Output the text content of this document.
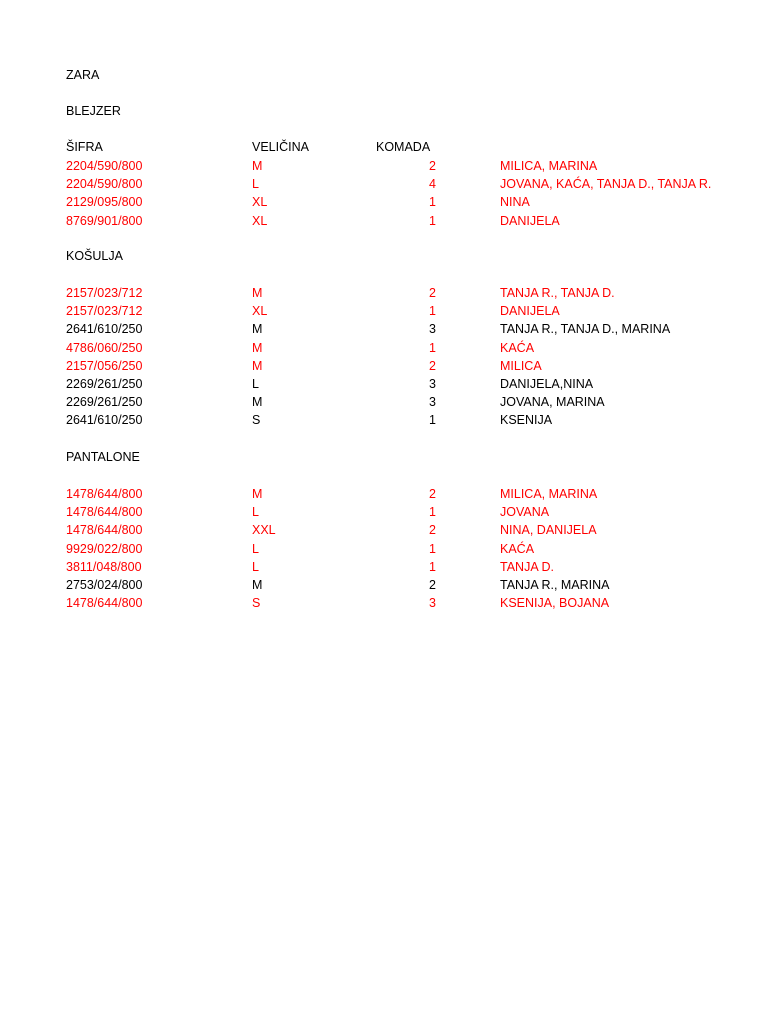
ZARA
BLEJZER
ŠIFRA	VELIČINA	KOMADA
2204/590/800	M	2	MILICA, MARINA
2204/590/800	L	4	JOVANA, KAĆA, TANJA D., TANJA R.
2129/095/800	XL	1	NINA
8769/901/800	XL	1	DANIJELA
KOŠULJA
2157/023/712	M	2	TANJA R., TANJA D.
2157/023/712	XL	1	DANIJELA
2641/610/250	M	3	TANJA R., TANJA D., MARINA
4786/060/250	M	1	KAĆA
2157/056/250	M	2	MILICA
2269/261/250	L	3	DANIJELA,NINA
2269/261/250	M	3	JOVANA, MARINA
2641/610/250	S	1	KSENIJA
PANTALONE
1478/644/800	M	2	MILICA, MARINA
1478/644/800	L	1	JOVANA
1478/644/800	XXL	2	NINA, DANIJELA
9929/022/800	L	1	KAĆA
3811/048/800	L	1	TANJA D.
2753/024/800	M	2	TANJA R., MARINA
1478/644/800	S	3	KSENIJA, BOJANA
